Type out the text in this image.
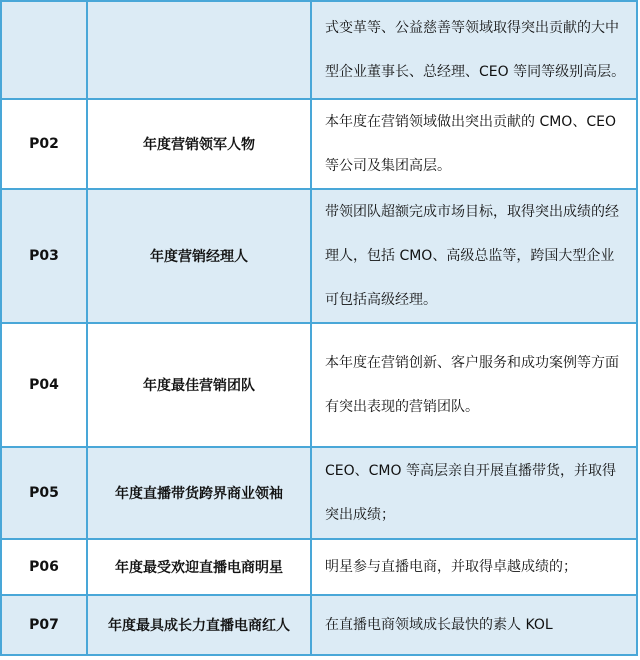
		式变革等、公益慈善等领域取得突出贡献的大中

型企业董事长、总经理、CEO 等同等级别高层。

P02	年度营销领军人物	本年度在营销领域做出突出贡献的 CMO、CEO

等公司及集团高层。

P03	年度营销经理人	带领团队超额完成市场目标，取得突出成绩的经

理人，包括 CMO、高级总监等，跨国大型企业

可包括高级经理。

P04	年度最佳营销团队	本年度在营销创新、客户服务和成功案例等方面

有突出表现的营销团队。

P05	年度直播带货跨界商业领袖	CEO、CMO 等高层亲自开展直播带货，并取得

突出成绩；

P06	年度最受欢迎直播电商明星	明星参与直播电商，并取得卓越成绩的；

P07	年度最具成长力直播电商红人	在直播电商领域成长最快的素人 KOL
